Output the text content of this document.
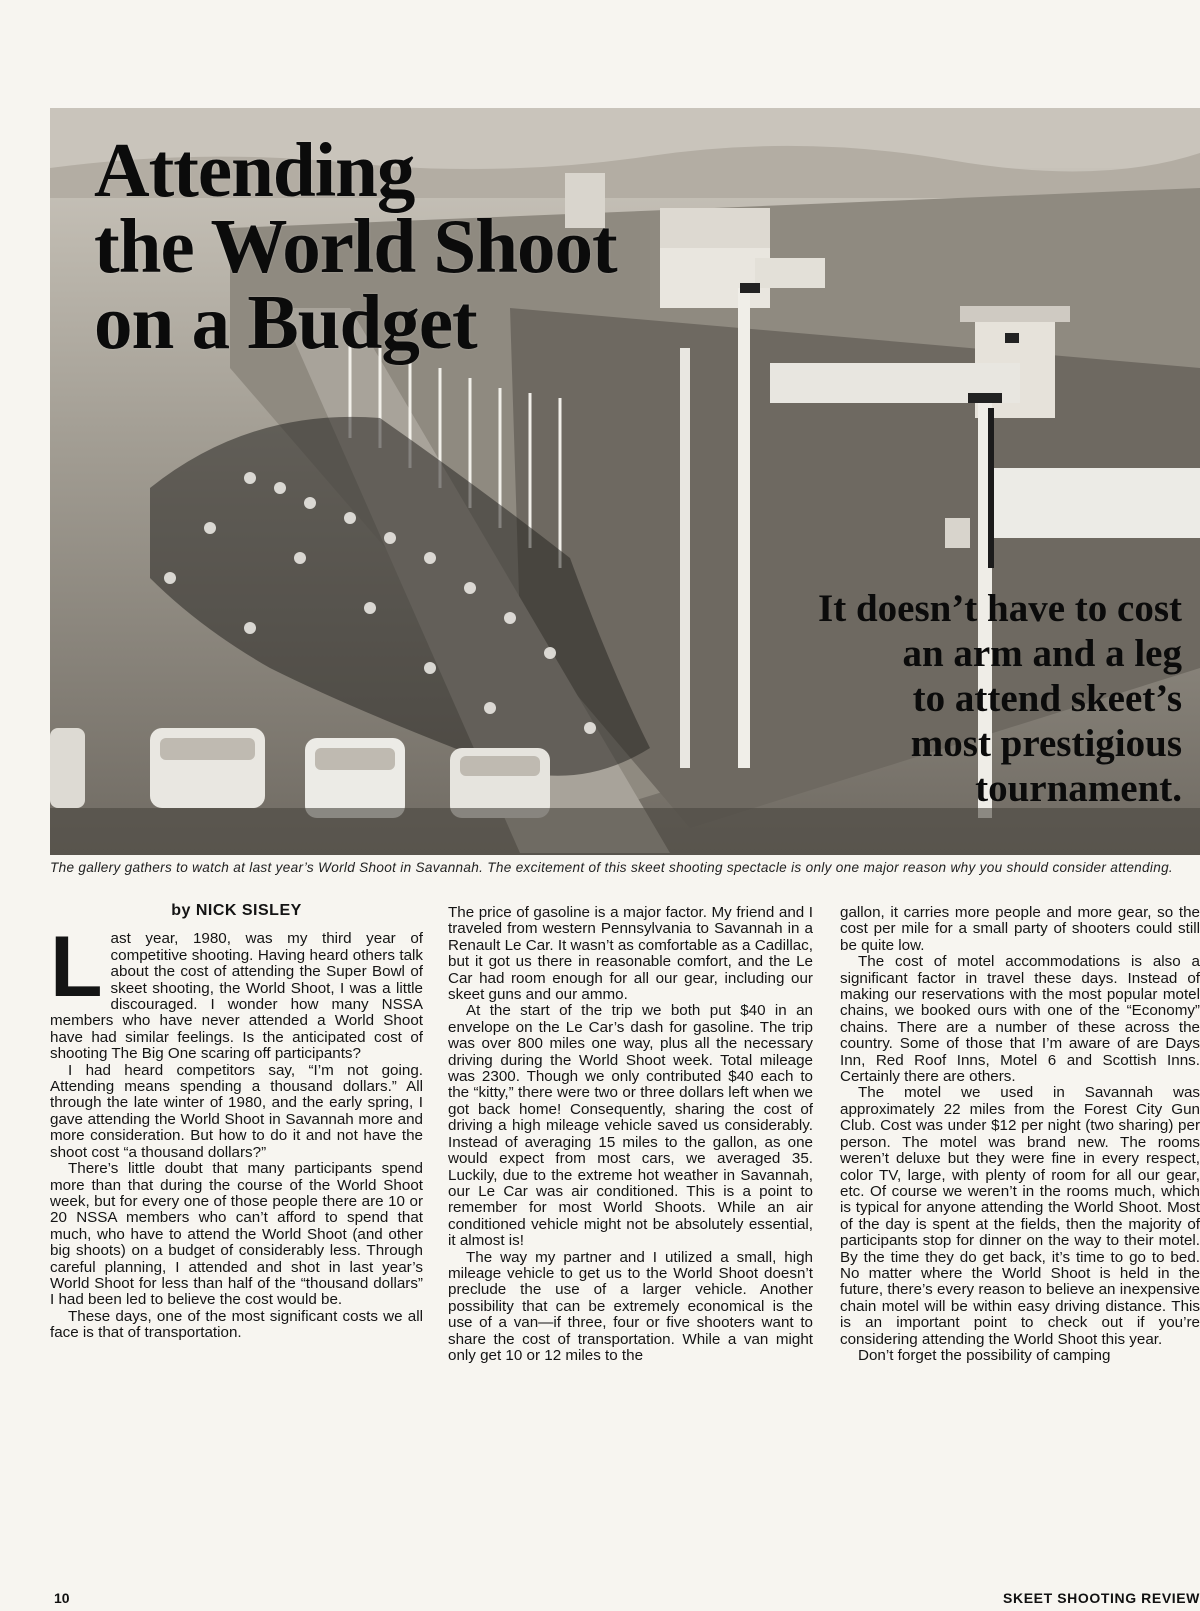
Attending
the World Shoot
on a Budget
It doesn’t have to cost
an arm and a leg
to attend skeet’s
most prestigious
tournament.
The gallery gathers to watch at last year’s World Shoot in Savannah. The excitement of this skeet shooting spectacle is only one major reason why you should consider attending.
by NICK SISLEY

Last year, 1980, was my third year of competitive shooting. Having heard others talk about the cost of attending the Super Bowl of skeet shooting, the World Shoot, I was a little discouraged. I wonder how many NSSA members who have never attended a World Shoot have had similar feelings. Is the anticipated cost of shooting The Big One scaring off participants?

I had heard competitors say, “I’m not going. Attending means spending a thousand dollars.” All through the late winter of 1980, and the early spring, I gave attending the World Shoot in Savannah more and more consideration. But how to do it and not have the shoot cost “a thousand dollars?”

There’s little doubt that many participants spend more than that during the course of the World Shoot week, but for every one of those people there are 10 or 20 NSSA members who can’t afford to spend that much, who have to attend the World Shoot (and other big shoots) on a budget of considerably less. Through careful planning, I attended and shot in last year’s World Shoot for less than half of the “thousand dollars” I had been led to believe the cost would be.

These days, one of the most significant costs we all face is that of transportation.

The price of gasoline is a major factor. My friend and I traveled from western Pennsylvania to Savannah in a Renault Le Car. It wasn’t as comfortable as a Cadillac, but it got us there in reasonable comfort, and the Le Car had room enough for all our gear, including our skeet guns and our ammo.

At the start of the trip we both put $40 in an envelope on the Le Car’s dash for gasoline. The trip was over 800 miles one way, plus all the necessary driving during the World Shoot week. Total mileage was 2300. Though we only contributed $40 each to the “kitty,” there were two or three dollars left when we got back home! Consequently, sharing the cost of driving a high mileage vehicle saved us considerably. Instead of averaging 15 miles to the gallon, as one would expect from most cars, we averaged 35. Luckily, due to the extreme hot weather in Savannah, our Le Car was air conditioned. This is a point to remember for most World Shoots. While an air conditioned vehicle might not be absolutely essential, it almost is!

The way my partner and I utilized a small, high mileage vehicle to get us to the World Shoot doesn’t preclude the use of a larger vehicle. Another possibility that can be extremely economical is the use of a van—if three, four or five shooters want to share the cost of transportation. While a van might only get 10 or 12 miles to the

gallon, it carries more people and more gear, so the cost per mile for a small party of shooters could still be quite low.

The cost of motel accommodations is also a significant factor in travel these days. Instead of making our reservations with the most popular motel chains, we booked ours with one of the “Economy” chains. There are a number of these across the country. Some of those that I’m aware of are Days Inn, Red Roof Inns, Motel 6 and Scottish Inns. Certainly there are others.

The motel we used in Savannah was approximately 22 miles from the Forest City Gun Club. Cost was under $12 per night (two sharing) per person. The motel was brand new. The rooms weren’t deluxe but they were fine in every respect, color TV, large, with plenty of room for all our gear, etc. Of course we weren’t in the rooms much, which is typical for anyone attending the World Shoot. Most of the day is spent at the fields, then the majority of participants stop for dinner on the way to their motel. By the time they do get back, it’s time to go to bed. No matter where the World Shoot is held in the future, there’s every reason to believe an inexpensive chain motel will be within easy driving distance. This is an important point to check out if you’re considering attending the World Shoot this year.

Don’t forget the possibility of camping

10	SKEET SHOOTING REVIEW
